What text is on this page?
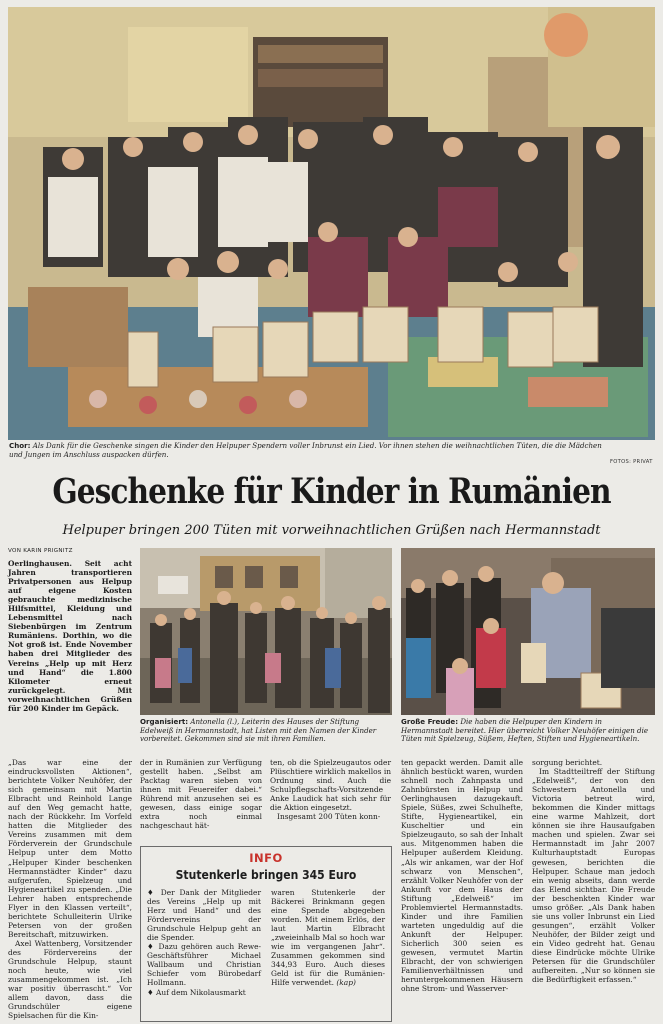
Chor: Als Dank für die Geschenke singen die Kinder den Helpuper Spendern voller Inbrunst ein Lied. Vor ihnen stehen die weihnachtlichen Tüten, die die Mädchen und Jungen im Anschluss auspacken dürfen.
FOTOS: PRIVAT
Geschenke für Kinder in Rumänien
Helpuper bringen 200 Tüten mit vorweihnachtlichen Grüßen nach Hermannstadt
VON KARIN PRIGNITZ

Oerlinghausen. Seit acht Jahren transportieren Privatpersonen aus Helpup auf eigene Kosten gebrauchte medizinische Hilfsmittel, Kleidung und Lebensmittel nach Siebenbürgen im Zentrum Rumäniens. Dorthin, wo die Not groß ist. Ende November haben drei Mitglieder des Vereins „Help up mit Herz und Hand“ die 1.800 Kilometer erneut zurückgelegt. Mit vorweihnachtlichen Grüßen für 200 Kinder im Gepäck.

Organisiert: Antonella (l.), Leiterin des Hauses der Stiftung Edelweiß in Hermannstadt, hat Listen mit den Namen der Kinder vorbereitet. Gekommen sind sie mit ihren Familien.
Große Freude: Die haben die Helpuper den Kindern in Hermannstadt bereitet. Hier überreicht Volker Neuhöfer einigen die Tüten mit Spielzeug, Süßem, Heften, Stiften und Hygieneartikeln.

„Das war eine der eindrucksvollsten Aktionen“, berichtete Volker Neuhöfer, der sich gemeinsam mit Martin Elbracht und Reinhold Lange auf den Weg gemacht hatte, nach der Rückkehr. Im Vorfeld hatten die Mitglieder des Vereins zusammen mit dem Förderverein der Grundschule Helpup unter dem Motto „Helpuper Kinder beschenken Hermannstädter Kinder“ dazu aufgerufen, Spielzeug und Hygieneartikel zu spenden. „Die Lehrer haben entsprechende Flyer in den Klassen verteilt“, berichtete Schulleiterin Ulrike Petersen von der großen Bereitschaft, mitzuwirken.

Axel Wattenberg, Vorsitzender des Fördervereins der Grundschule Helpup, staunt noch heute, wie viel zusammengekommen ist. „Ich war positiv überrascht.“ Vor allem davon, dass die Grundschüler eigene Spielsachen für die Kin-

der in Rumänien zur Verfügung gestellt haben. „Selbst am Packtag waren sieben von ihnen mit Feuereifer dabei.“ Rührend mit anzusehen sei es gewesen, dass einige sogar extra noch einmal nachgeschaut hät-

ten, ob die Spielzeugautos oder Plüschtiere wirklich makellos in Ordnung sind. Auch die Schulpflegschafts-Vorsitzende Anke Laudick hat sich sehr für die Aktion eingesetzt.

Insgesamt 200 Tüten konn-

ten gepackt werden. Damit alle ähnlich bestückt waren, wurden schnell noch Zahnpasta und Zahnbürsten in Helpup und Oerlinghausen dazugekauft. Spiele, Süßes, zwei Schulhefte, Stifte, Hygieneartikel, ein Kuscheltier und ein Spielzeugauto, so sah der Inhalt aus. Mitgenommen haben die Helpuper außerdem Kleidung. „Als wir ankamen, war der Hof schwarz von Menschen“, erzählt Volker Neuhöfer von der Ankunft vor dem Haus der Stiftung „Edelweiß“ im Problemviertel Hermannstadts. Kinder und ihre Familien warteten ungeduldig auf die Ankunft der Helpuper. Sicherlich 300 seien es gewesen, vermutet Martin Elbracht, der von schwierigen Familienverhältnissen und heruntergekommenen Häusern ohne Strom- und Wasserver-

sorgung berichtet.

Im Stadtteiltreff der Stiftung „Edelweiß“, der von den Schwestern Antonella und Victoria betreut wird, bekommen die Kinder mittags eine warme Mahlzeit, dort können sie ihre Hausaufgaben machen und spielen. Zwar sei Hermannstadt im Jahr 2007 Kulturhauptstadt Europas gewesen, berichten die Helpuper. Schaue man jedoch ein wenig abseits, dann werde das Elend sichtbar. Die Freude der beschenkten Kinder war umso größer. „Als Dank haben sie uns voller Inbrunst ein Lied gesungen“, erzählt Volker Neuhöfer, der Bilder zeigt und ein Video gedreht hat. Genau diese Eindrücke möchte Ulrike Petersen für die Grundschüler aufbereiten. „Nur so können sie die Bedürftigkeit erfassen.“

INFO
Stutenkerle bringen 345 Euro

♦ Der Dank der Mitglieder des Vereins „Help up mit Herz und Hand“ und des Fördervereins der Grundschule Helpup geht an die Spender.

♦ Dazu gehören auch Rewe-Geschäftsführer Michael Wallbaum und Christian Schiefer vom Bürobedarf Hollmann.

♦ Auf dem Nikolausmarkt

waren Stutenkerle der Bäckerei Brinkmann gegen eine Spende abgegeben worden. Mit einem Erlös, der laut Martin Elbracht „zweieinhalb Mal so hoch war wie im vergangenen Jahr“. Zusammen gekommen sind 344,93 Euro. Auch dieses Geld ist für die Rumänien-Hilfe verwendet. (kap)
